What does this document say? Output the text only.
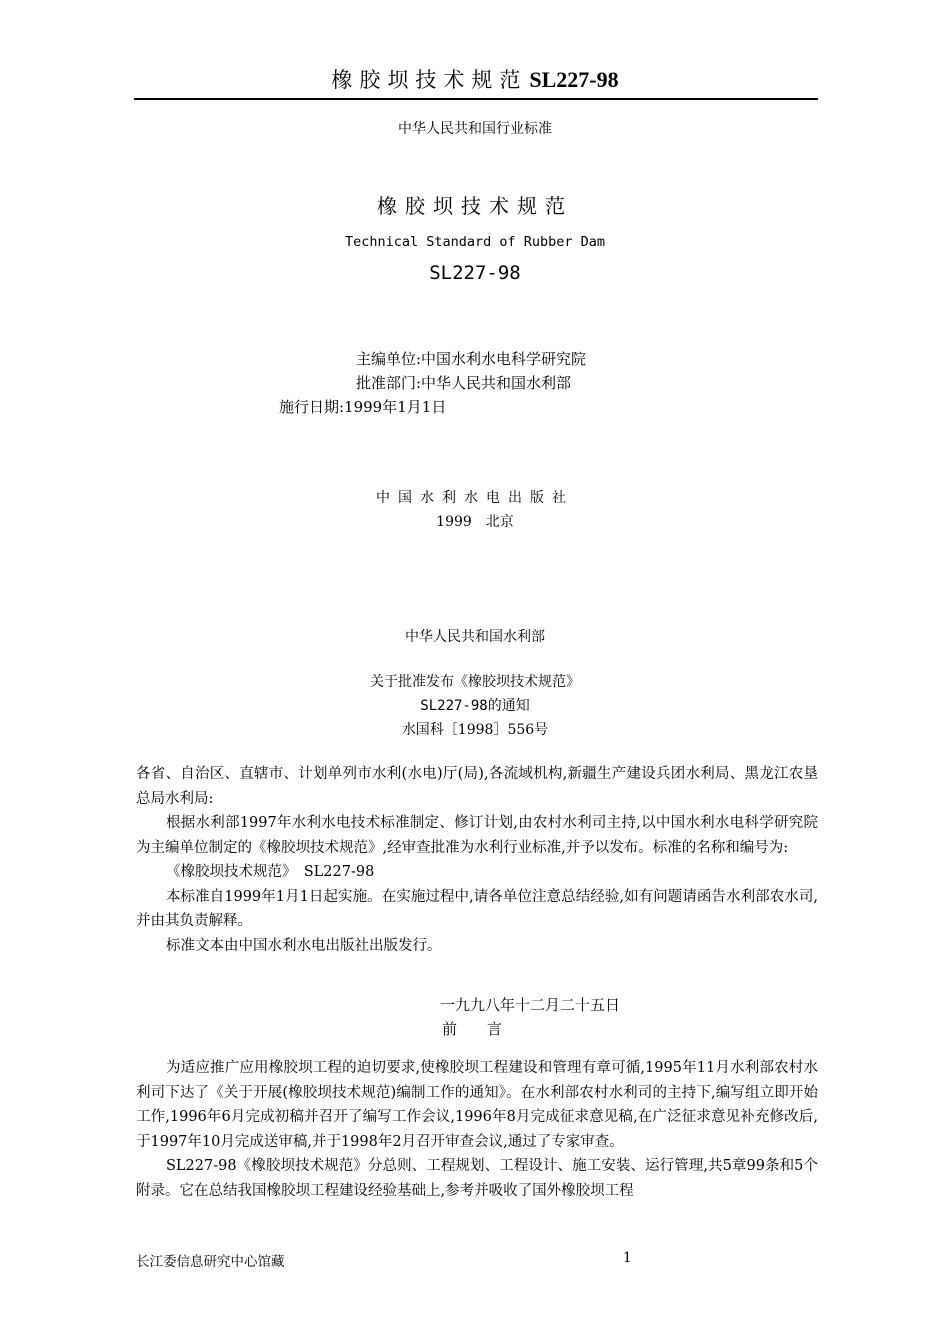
橡胶坝技术规范SL227-98
中华人民共和国行业标准
橡胶坝技术规范
Technical Standard of Rubber Dam
SL227-98
主编单位:中国水利水电科学研究院
批准部门:中华人民共和国水利部
施行日期:1999年1月1日
中国水利水电出版社
1999　北京
中华人民共和国水利部
关于批准发布《橡胶坝技术规范》
SL227-98的通知
水国科［1998］556号

各省、自治区、直辖市、计划单列市水利(水电)厅(局),各流域机构,新疆生产建设兵团水利局、黑龙江农垦总局水利局:

根据水利部1997年水利水电技术标准制定、修订计划,由农村水利司主持,以中国水利水电科学研究院为主编单位制定的《橡胶坝技术规范》,经审查批准为水利行业标准,并予以发布。标准的名称和编号为:

《橡胶坝技术规范》　SL227-98

本标准自1999年1月1日起实施。在实施过程中,请各单位注意总结经验,如有问题请函告水利部农水司,并由其负责解释。

标准文本由中国水利水电出版社出版发行。

一九九八年十二月二十五日
前　　言

为适应推广应用橡胶坝工程的迫切要求,使橡胶坝工程建设和管理有章可循,1995年11月水利部农村水利司下达了《关于开展(橡胶坝技术规范)编制工作的通知》。在水利部农村水利司的主持下,编写组立即开始工作,1996年6月完成初稿并召开了编写工作会议,1996年8月完成征求意见稿,在广泛征求意见补充修改后,于1997年10月完成送审稿,并于1998年2月召开审查会议,通过了专家审查。

SL227-98《橡胶坝技术规范》分总则、工程规划、工程设计、施工安装、运行管理,共5章99条和5个附录。它在总结我国橡胶坝工程建设经验基础上,参考并吸收了国外橡胶坝工程

长江委信息研究中心馆藏	1
